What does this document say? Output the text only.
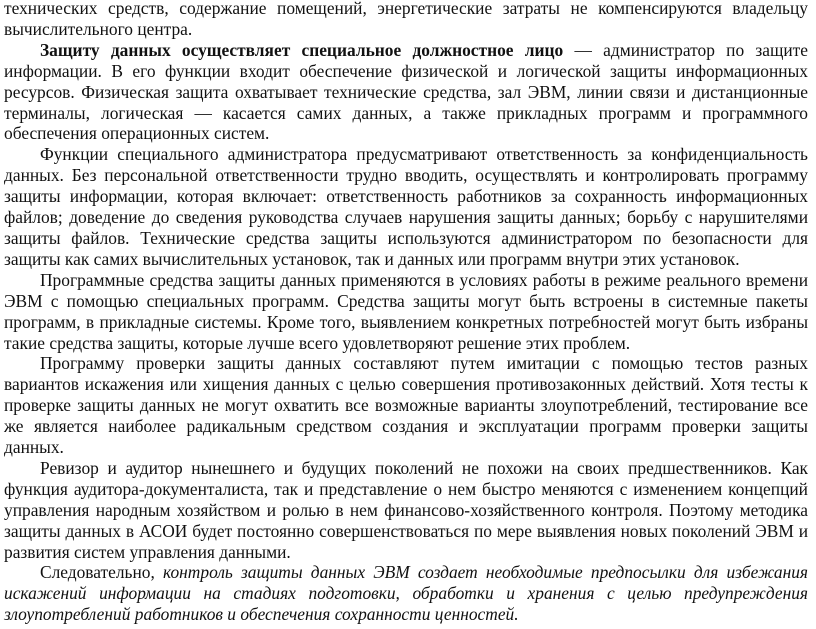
технических средств, содержание помещений, энергетические затраты не компенсируются владельцу вычислительного центра.

Защиту данных осуществляет специальное должностное лицо — администратор по защите информации. В его функции входит обеспечение физической и логической защиты информационных ресурсов. Физическая защита охватывает технические средства, зал ЭВМ, линии связи и дистанционные терминалы, логическая — касается самих данных, а также прикладных программ и программного обеспечения операционных систем.

Функции специального администратора предусматривают ответственность за конфиденциальность данных. Без персональной ответственности трудно вводить, осуществлять и контролировать программу защиты информации, которая включает: ответственность работников за сохранность информационных файлов; доведение до сведения руководства случаев нарушения защиты данных; борьбу с нарушителями защиты файлов. Технические средства защиты используются администратором по безопасности для защиты как самих вычислительных установок, так и данных или программ внутри этих установок.

Программные средства защиты данных применяются в условиях работы в режиме реального времени ЭВМ с помощью специальных программ. Средства защиты могут быть встроены в системные пакеты программ, в прикладные системы. Кроме того, выявлением конкретных потребностей могут быть избраны такие средства защиты, которые лучше всего удовлетворяют решение этих проблем.

Программу проверки защиты данных составляют путем имитации с помощью тестов разных вариантов искажения или хищения данных с целью совершения противозаконных действий. Хотя тесты к проверке защиты данных не могут охватить все возможные варианты злоупотреблений, тестирование все же является наиболее радикальным средством создания и эксплуатации программ проверки защиты данных.

Ревизор и аудитор нынешнего и будущих поколений не похожи на своих предшественников. Как функция аудитора-документалиста, так и представление о нем быстро меняются с изменением концепций управления народным хозяйством и ролью в нем финансово-хозяйственного контроля. Поэтому методика защиты данных в АСОИ будет постоянно совершенствоваться по мере выявления новых поколений ЭВМ и развития систем управления данными.

Следовательно, контроль защиты данных ЭВМ создает необходимые предпосылки для избежания искажений информации на стадиях подготовки, обработки и хранения с целью предупреждения злоупотреблений работников и обеспечения сохранности ценностей.
